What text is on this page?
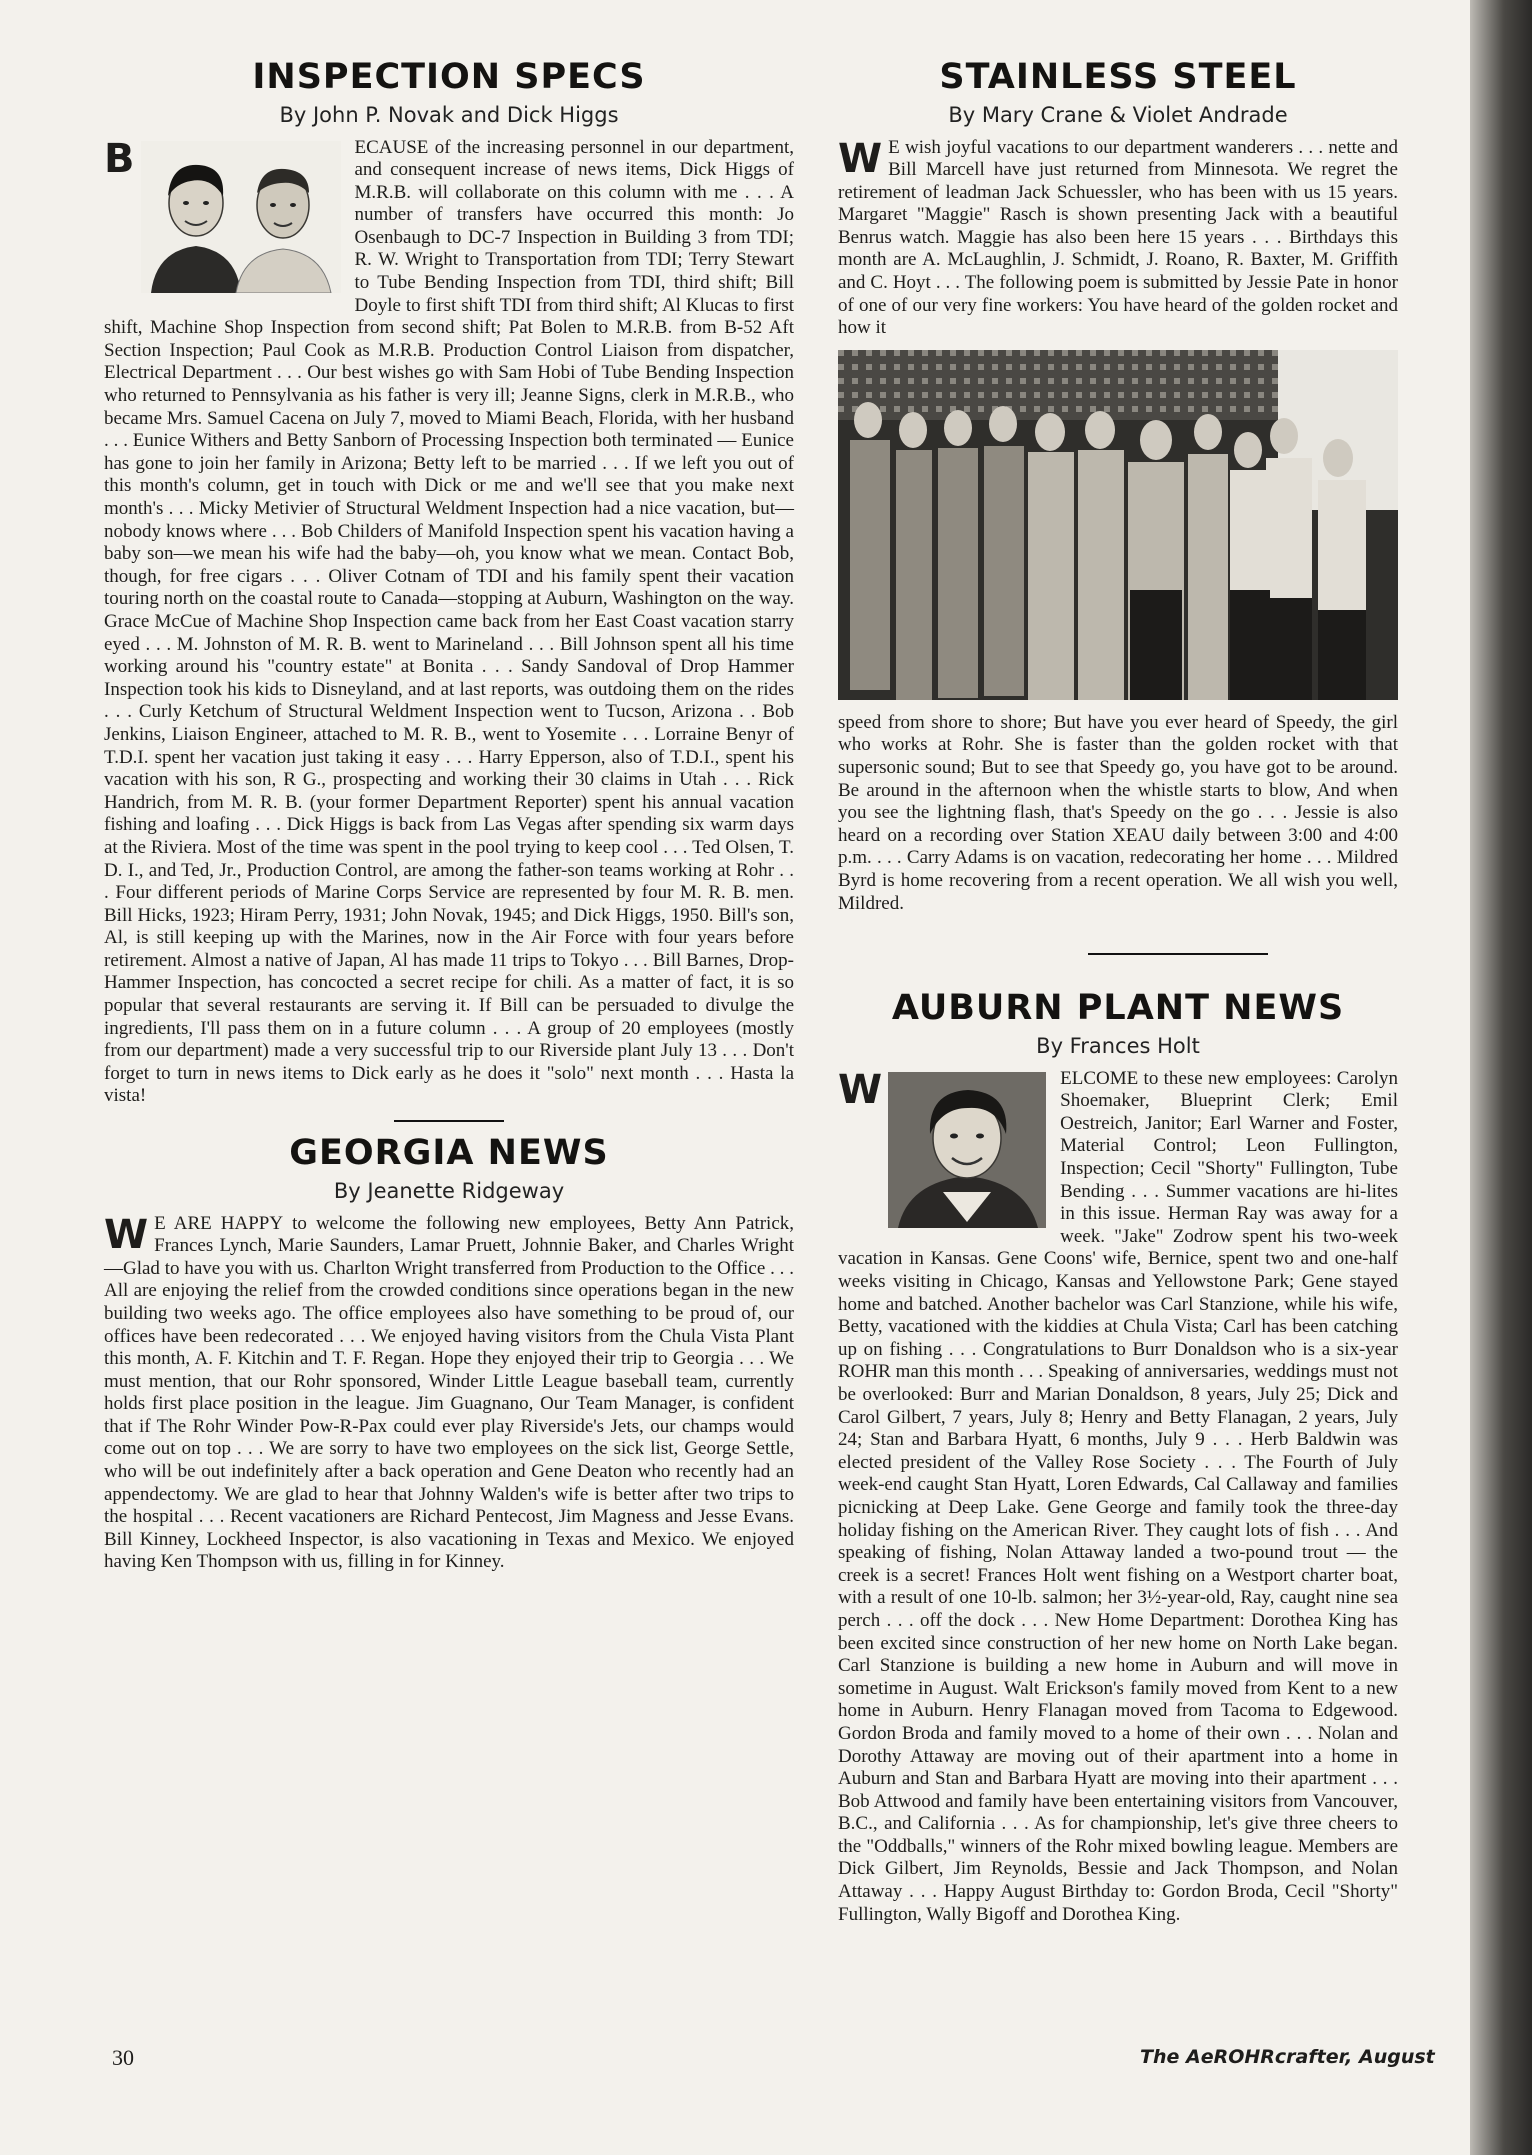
INSPECTION SPECS
By John P. Novak and Dick Higgs
B	ECAUSE of the increasing personnel in our department, and consequent increase of news items, Dick Higgs of M.R.B. will collaborate on this column with me . . . A number of transfers have occurred this month: Jo Osenbaugh to DC-7 Inspection in Building 3 from TDI; R. W. Wright to Transportation from TDI; Terry Stewart to Tube Bending Inspection from TDI, third shift; Bill Doyle to first shift TDI from third shift; Al Klucas to first shift, Machine Shop Inspection from second shift; Pat Bolen to M.R.B. from B-52 Aft Section Inspection; Paul Cook as M.R.B. Production Control Liaison from dispatcher, Electrical Department . . . Our best wishes go with Sam Hobi of Tube Bending Inspection who returned to Pennsylvania as his father is very ill; Jeanne Signs, clerk in M.R.B., who became Mrs. Samuel Cacena on July 7, moved to Miami Beach, Florida, with her husband . . . Eunice Withers and Betty Sanborn of Processing Inspection both terminated — Eunice has gone to join her family in Arizona; Betty left to be married . . . If we left you out of this month's column, get in touch with Dick or me and we'll see that you make next month's . . . Micky Metivier of Structural Weldment Inspection had a nice vacation, but—nobody knows where . . . Bob Childers of Manifold Inspection spent his vacation having a baby son—we mean his wife had the baby—oh, you know what we mean. Contact Bob, though, for free cigars . . . Oliver Cotnam of TDI and his family spent their vacation touring north on the coastal route to Canada—stopping at Auburn, Washington on the way. Grace McCue of Machine Shop Inspection came back from her East Coast vacation starry eyed . . . M. Johnston of M. R. B. went to Marineland . . . Bill Johnson spent all his time working around his "country estate" at Bonita . . . Sandy Sandoval of Drop Hammer Inspection took his kids to Disneyland, and at last reports, was outdoing them on the rides . . . Curly Ketchum of Structural Weldment Inspection went to Tucson, Arizona . . Bob Jenkins, Liaison Engineer, attached to M. R. B., went to Yosemite . . . Lorraine Benyr of T.D.I. spent her vacation just taking it easy . . . Harry Epperson, also of T.D.I., spent his vacation with his son, R G., prospecting and working their 30 claims in Utah . . . Rick Handrich, from M. R. B. (your former Department Reporter) spent his annual vacation fishing and loafing . . . Dick Higgs is back from Las Vegas after spending six warm days at the Riviera. Most of the time was spent in the pool trying to keep cool . . . Ted Olsen, T. D. I., and Ted, Jr., Production Control, are among the father-son teams working at Rohr . . . Four different periods of Marine Corps Service are represented by four M. R. B. men. Bill Hicks, 1923; Hiram Perry, 1931; John Novak, 1945; and Dick Higgs, 1950. Bill's son, Al, is still keeping up with the Marines, now in the Air Force with four years before retirement. Almost a native of Japan, Al has made 11 trips to Tokyo . . . Bill Barnes, Drop-Hammer Inspection, has concocted a secret recipe for chili. As a matter of fact, it is so popular that several restaurants are serving it. If Bill can be persuaded to divulge the ingredients, I'll pass them on in a future column . . . A group of 20 employees (mostly from our department) made a very successful trip to our Riverside plant July 13 . . . Don't forget to turn in news items to Dick early as he does it "solo" next month . . . Hasta la vista!
GEORGIA NEWS
By Jeanette Ridgeway
W E ARE HAPPY to welcome the following new employees, Betty Ann Patrick, Frances Lynch, Marie Saunders, Lamar Pruett, Johnnie Baker, and Charles Wright—Glad to have you with us. Charlton Wright transferred from Production to the Office . . . All are enjoying the relief from the crowded conditions since operations began in the new building two weeks ago. The office employees also have something to be proud of, our offices have been redecorated . . . We enjoyed having visitors from the Chula Vista Plant this month, A. F. Kitchin and T. F. Regan. Hope they enjoyed their trip to Georgia . . . We must mention, that our Rohr sponsored, Winder Little League baseball team, currently holds first place position in the league. Jim Guagnano, Our Team Manager, is confident that if The Rohr Winder Pow-R-Pax could ever play Riverside's Jets, our champs would come out on top . . . We are sorry to have two employees on the sick list, George Settle, who will be out indefinitely after a back operation and Gene Deaton who recently had an appendectomy. We are glad to hear that Johnny Walden's wife is better after two trips to the hospital . . . Recent vacationers are Richard Pentecost, Jim Magness and Jesse Evans. Bill Kinney, Lockheed Inspector, is also vacationing in Texas and Mexico. We enjoyed having Ken Thompson with us, filling in for Kinney.
STAINLESS STEEL
By Mary Crane & Violet Andrade
W E wish joyful vacations to our department wanderers . . . nette and Bill Marcell have just returned from Minnesota. We regret the retirement of leadman Jack Schuessler, who has been with us 15 years. Margaret "Maggie" Rasch is shown presenting Jack with a beautiful Benrus watch. Maggie has also been here 15 years . . . Birthdays this month are A. McLaughlin, J. Schmidt, J. Roano, R. Baxter, M. Griffith and C. Hoyt . . . The following poem is submitted by Jessie Pate in honor of one of our very fine workers: You have heard of the golden rocket and how it
speed from shore to shore; But have you ever heard of Speedy, the girl who works at Rohr. She is faster than the golden rocket with that supersonic sound; But to see that Speedy go, you have got to be around. Be around in the afternoon when the whistle starts to blow, And when you see the lightning flash, that's Speedy on the go . . . Jessie is also heard on a recording over Station XEAU daily between 3:00 and 4:00 p.m. . . . Carry Adams is on vacation, redecorating her home . . . Mildred Byrd is home recovering from a recent operation. We all wish you well, Mildred.
AUBURN PLANT NEWS
By Frances Holt
W	ELCOME to these new employees: Carolyn Shoemaker, Blueprint Clerk; Emil Oestreich, Janitor; Earl Warner and Foster, Material Control; Leon Fullington, Inspection; Cecil "Shorty" Fullington, Tube Bending . . . Summer vacations are hi-lites in this issue. Herman Ray was away for a week. "Jake" Zodrow spent his two-week vacation in Kansas. Gene Coons' wife, Bernice, spent two and one-half weeks visiting in Chicago, Kansas and Yellowstone Park; Gene stayed home and batched. Another bachelor was Carl Stanzione, while his wife, Betty, vacationed with the kiddies at Chula Vista; Carl has been catching up on fishing . . . Congratulations to Burr Donaldson who is a six-year ROHR man this month . . . Speaking of anniversaries, weddings must not be overlooked: Burr and Marian Donaldson, 8 years, July 25; Dick and Carol Gilbert, 7 years, July 8; Henry and Betty Flanagan, 2 years, July 24; Stan and Barbara Hyatt, 6 months, July 9 . . . Herb Baldwin was elected president of the Valley Rose Society . . . The Fourth of July week-end caught Stan Hyatt, Loren Edwards, Cal Callaway and families picnicking at Deep Lake. Gene George and family took the three-day holiday fishing on the American River. They caught lots of fish . . . And speaking of fishing, Nolan Attaway landed a two-pound trout — the creek is a secret! Frances Holt went fishing on a Westport charter boat, with a result of one 10-lb. salmon; her 3½-year-old, Ray, caught nine sea perch . . . off the dock . . . New Home Department: Dorothea King has been excited since construction of her new home on North Lake began. Carl Stanzione is building a new home in Auburn and will move in sometime in August. Walt Erickson's family moved from Kent to a new home in Auburn. Henry Flanagan moved from Tacoma to Edgewood. Gordon Broda and family moved to a home of their own . . . Nolan and Dorothy Attaway are moving out of their apartment into a home in Auburn and Stan and Barbara Hyatt are moving into their apartment . . . Bob Attwood and family have been entertaining visitors from Vancouver, B.C., and California . . . As for championship, let's give three cheers to the "Oddballs," winners of the Rohr mixed bowling league. Members are Dick Gilbert, Jim Reynolds, Bessie and Jack Thompson, and Nolan Attaway . . . Happy August Birthday to: Gordon Broda, Cecil "Shorty" Fullington, Wally Bigoff and Dorothea King.
30	The AeROHRcrafter, August
